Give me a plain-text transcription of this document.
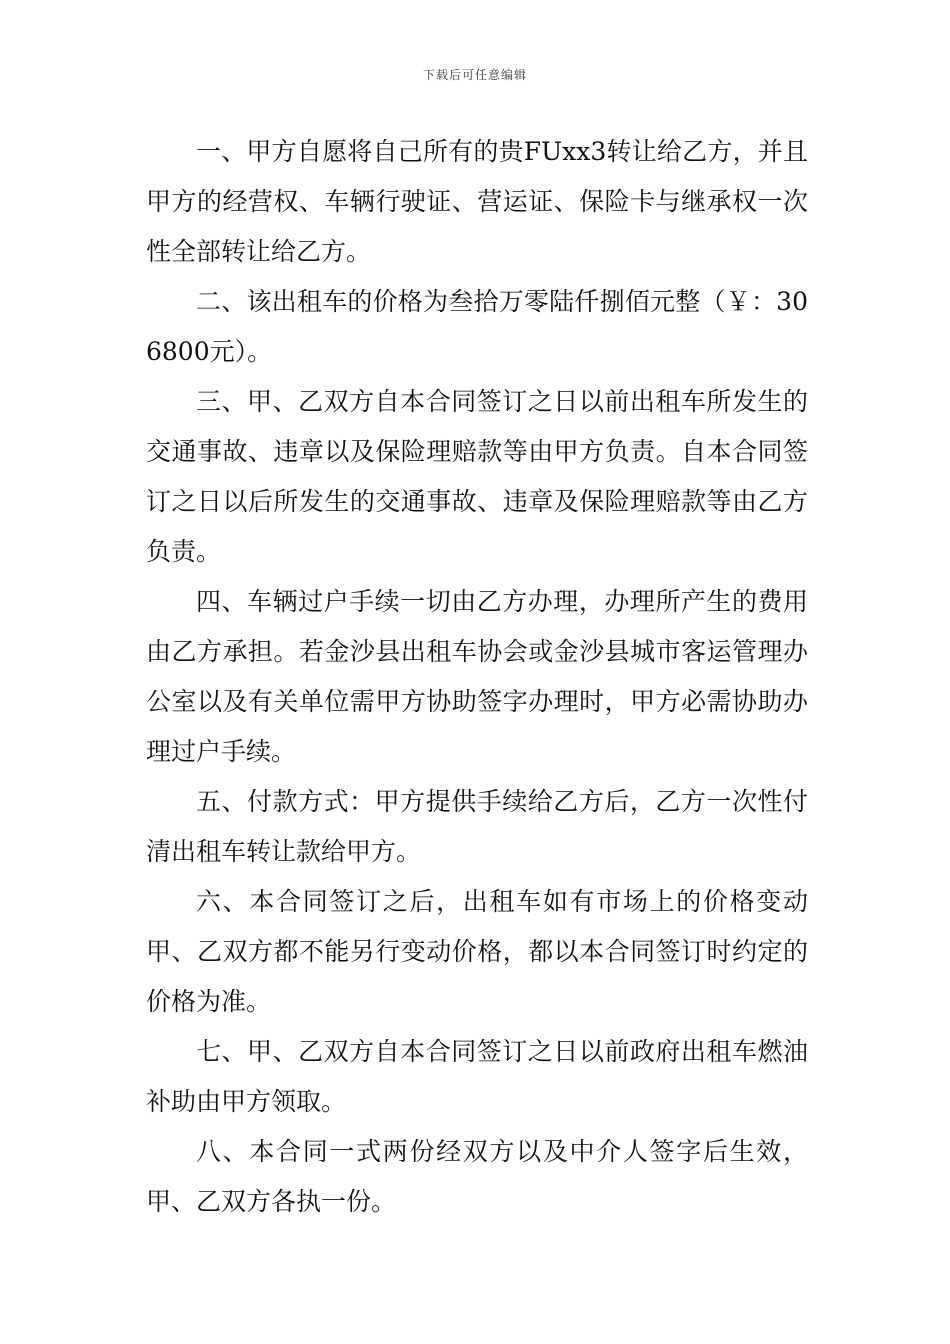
下载后可任意编辑

一、甲方自愿将自己所有的贵FUxx3转让给乙方，并且甲方的经营权、车辆行驶证、营运证、保险卡与继承权一次性全部转让给乙方。

二、该出租车的价格为叁拾万零陆仟捌佰元整（￥：306800元）。

三、甲、乙双方自本合同签订之日以前出租车所发生的交通事故、违章以及保险理赔款等由甲方负责。自本合同签订之日以后所发生的交通事故、违章及保险理赔款等由乙方负责。

四、车辆过户手续一切由乙方办理，办理所产生的费用由乙方承担。若金沙县出租车协会或金沙县城市客运管理办公室以及有关单位需甲方协助签字办理时，甲方必需协助办理过户手续。

五、付款方式：甲方提供手续给乙方后，乙方一次性付清出租车转让款给甲方。

六、本合同签订之后，出租车如有市场上的价格变动甲、乙双方都不能另行变动价格，都以本合同签订时约定的价格为准。

七、甲、乙双方自本合同签订之日以前政府出租车燃油补助由甲方领取。

八、本合同一式两份经双方以及中介人签字后生效，甲、乙双方各执一份。
